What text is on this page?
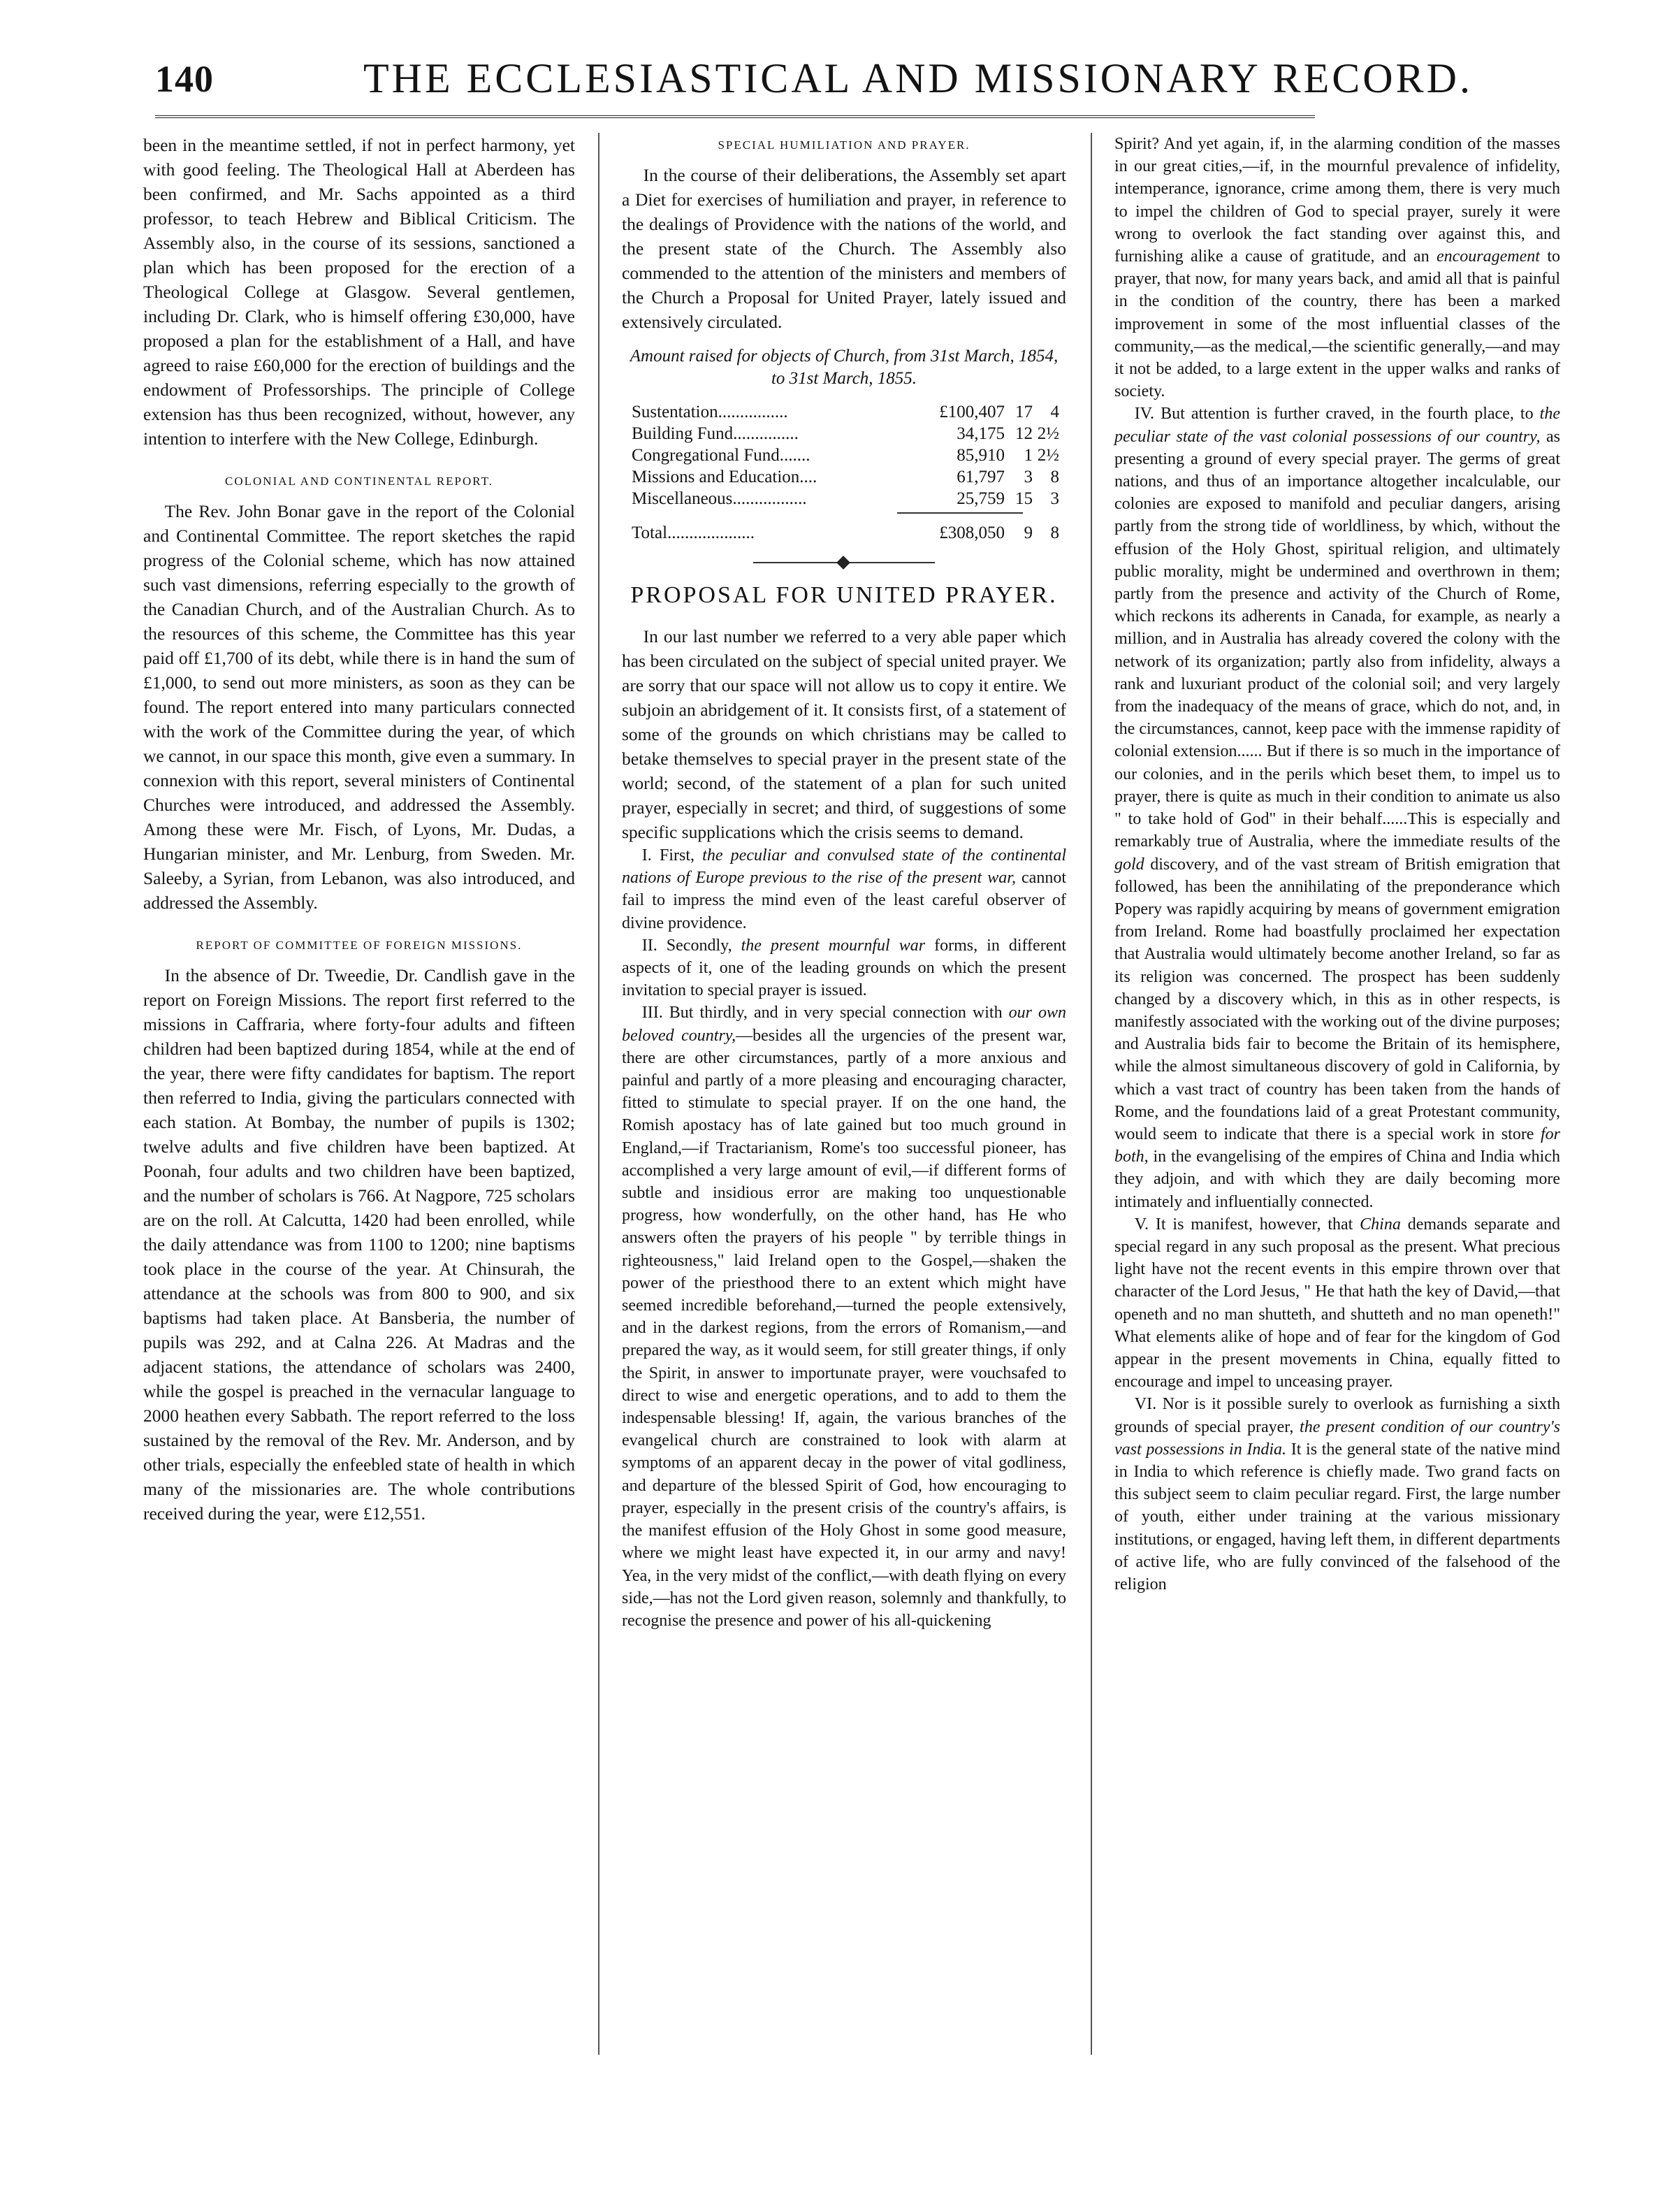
140	THE ECCLESIASTICAL AND MISSIONARY RECORD.

been in the meantime settled, if not in perfect harmony, yet with good feeling. The Theological Hall at Aberdeen has been confirmed, and Mr. Sachs appointed as a third professor, to teach Hebrew and Biblical Criticism. The Assembly also, in the course of its sessions, sanctioned a plan which has been proposed for the erection of a Theological College at Glasgow. Several gentlemen, including Dr. Clark, who is himself offering £30,000, have proposed a plan for the establishment of a Hall, and have agreed to raise £60,000 for the erection of buildings and the endowment of Professorships. The principle of College extension has thus been recognized, without, however, any intention to interfere with the New College, Edinburgh.

COLONIAL AND CONTINENTAL REPORT.

The Rev. John Bonar gave in the report of the Colonial and Continental Committee. The report sketches the rapid progress of the Colonial scheme, which has now attained such vast dimensions, referring especially to the growth of the Canadian Church, and of the Australian Church. As to the resources of this scheme, the Committee has this year paid off £1,700 of its debt, while there is in hand the sum of £1,000, to send out more ministers, as soon as they can be found. The report entered into many particulars connected with the work of the Committee during the year, of which we cannot, in our space this month, give even a summary. In connexion with this report, several ministers of Continental Churches were introduced, and addressed the Assembly. Among these were Mr. Fisch, of Lyons, Mr. Dudas, a Hungarian minister, and Mr. Lenburg, from Sweden. Mr. Saleeby, a Syrian, from Lebanon, was also introduced, and addressed the Assembly.

REPORT OF COMMITTEE OF FOREIGN MISSIONS.

In the absence of Dr. Tweedie, Dr. Candlish gave in the report on Foreign Missions. The report first referred to the missions in Caffraria, where forty-four adults and fifteen children had been baptized during 1854, while at the end of the year, there were fifty candidates for baptism. The report then referred to India, giving the particulars connected with each station. At Bombay, the number of pupils is 1302; twelve adults and five children have been baptized. At Poonah, four adults and two children have been baptized, and the number of scholars is 766. At Nagpore, 725 scholars are on the roll. At Calcutta, 1420 had been enrolled, while the daily attendance was from 1100 to 1200; nine baptisms took place in the course of the year. At Chinsurah, the attendance at the schools was from 800 to 900, and six baptisms had taken place. At Bansberia, the number of pupils was 292, and at Calna 226. At Madras and the adjacent stations, the attendance of scholars was 2400, while the gospel is preached in the vernacular language to 2000 heathen every Sabbath. The report referred to the loss sustained by the removal of the Rev. Mr. Anderson, and by other trials, especially the enfeebled state of health in which many of the missionaries are. The whole contributions received during the year, were £12,551.

SPECIAL HUMILIATION AND PRAYER.

In the course of their deliberations, the Assembly set apart a Diet for exercises of humiliation and prayer, in reference to the dealings of Providence with the nations of the world, and the present state of the Church. The Assembly also commended to the attention of the ministers and members of the Church a Proposal for United Prayer, lately issued and extensively circulated.

Amount raised for objects of Church, from 31st March, 1854, to 31st March, 1855.
Sustentation................	£100,407	17	4
Building Fund...............	34,175	12	2½
Congregational Fund.......	85,910	1	2½
Missions and Education....	61,797	3	8
Miscellaneous.................	25,759	15	3

Total....................	£308,050	9	8
PROPOSAL FOR UNITED PRAYER.

In our last number we referred to a very able paper which has been circulated on the subject of special united prayer. We are sorry that our space will not allow us to copy it entire. We subjoin an abridgement of it. It consists first, of a statement of some of the grounds on which christians may be called to betake themselves to special prayer in the present state of the world; second, of the statement of a plan for such united prayer, especially in secret; and third, of suggestions of some specific supplications which the crisis seems to demand.

I. First, the peculiar and convulsed state of the continental nations of Europe previous to the rise of the present war, cannot fail to impress the mind even of the least careful observer of divine providence.

II. Secondly, the present mournful war forms, in different aspects of it, one of the leading grounds on which the present invitation to special prayer is issued.

III. But thirdly, and in very special connection with our own beloved country,—besides all the urgencies of the present war, there are other circumstances, partly of a more anxious and painful and partly of a more pleasing and encouraging character, fitted to stimulate to special prayer. If on the one hand, the Romish apostacy has of late gained but too much ground in England,—if Tractarianism, Rome's too successful pioneer, has accomplished a very large amount of evil,—if different forms of subtle and insidious error are making too unquestionable progress, how wonderfully, on the other hand, has He who answers often the prayers of his people " by terrible things in righteousness," laid Ireland open to the Gospel,—shaken the power of the priesthood there to an extent which might have seemed incredible beforehand,—turned the people extensively, and in the darkest regions, from the errors of Romanism,—and prepared the way, as it would seem, for still greater things, if only the Spirit, in answer to importunate prayer, were vouchsafed to direct to wise and energetic operations, and to add to them the indespensable blessing! If, again, the various branches of the evangelical church are constrained to look with alarm at symptoms of an apparent decay in the power of vital godliness, and departure of the blessed Spirit of God, how encouraging to prayer, especially in the present crisis of the country's affairs, is the manifest effusion of the Holy Ghost in some good measure, where we might least have expected it, in our army and navy! Yea, in the very midst of the conflict,—with death flying on every side,—has not the Lord given reason, solemnly and thankfully, to recognise the presence and power of his all-quickening

Spirit? And yet again, if, in the alarming condition of the masses in our great cities,—if, in the mournful prevalence of infidelity, intemperance, ignorance, crime among them, there is very much to impel the children of God to special prayer, surely it were wrong to overlook the fact standing over against this, and furnishing alike a cause of gratitude, and an encouragement to prayer, that now, for many years back, and amid all that is painful in the condition of the country, there has been a marked improvement in some of the most influential classes of the community,—as the medical,—the scientific generally,—and may it not be added, to a large extent in the upper walks and ranks of society.

IV. But attention is further craved, in the fourth place, to the peculiar state of the vast colonial possessions of our country, as presenting a ground of every special prayer. The germs of great nations, and thus of an importance altogether incalculable, our colonies are exposed to manifold and peculiar dangers, arising partly from the strong tide of worldliness, by which, without the effusion of the Holy Ghost, spiritual religion, and ultimately public morality, might be undermined and overthrown in them; partly from the presence and activity of the Church of Rome, which reckons its adherents in Canada, for example, as nearly a million, and in Australia has already covered the colony with the network of its organization; partly also from infidelity, always a rank and luxuriant product of the colonial soil; and very largely from the inadequacy of the means of grace, which do not, and, in the circumstances, cannot, keep pace with the immense rapidity of colonial extension...... But if there is so much in the importance of our colonies, and in the perils which beset them, to impel us to prayer, there is quite as much in their condition to animate us also " to take hold of God" in their behalf......This is especially and remarkably true of Australia, where the immediate results of the gold discovery, and of the vast stream of British emigration that followed, has been the annihilating of the preponderance which Popery was rapidly acquiring by means of government emigration from Ireland. Rome had boastfully proclaimed her expectation that Australia would ultimately become another Ireland, so far as its religion was concerned. The prospect has been suddenly changed by a discovery which, in this as in other respects, is manifestly associated with the working out of the divine purposes; and Australia bids fair to become the Britain of its hemisphere, while the almost simultaneous discovery of gold in California, by which a vast tract of country has been taken from the hands of Rome, and the foundations laid of a great Protestant community, would seem to indicate that there is a special work in store for both, in the evangelising of the empires of China and India which they adjoin, and with which they are daily becoming more intimately and influentially connected.

V. It is manifest, however, that China demands separate and special regard in any such proposal as the present. What precious light have not the recent events in this empire thrown over that character of the Lord Jesus, " He that hath the key of David,—that openeth and no man shutteth, and shutteth and no man openeth!" What elements alike of hope and of fear for the kingdom of God appear in the present movements in China, equally fitted to encourage and impel to unceasing prayer.

VI. Nor is it possible surely to overlook as furnishing a sixth grounds of special prayer, the present condition of our country's vast possessions in India. It is the general state of the native mind in India to which reference is chiefly made. Two grand facts on this subject seem to claim peculiar regard. First, the large number of youth, either under training at the various missionary institutions, or engaged, having left them, in different departments of active life, who are fully convinced of the falsehood of the religion
